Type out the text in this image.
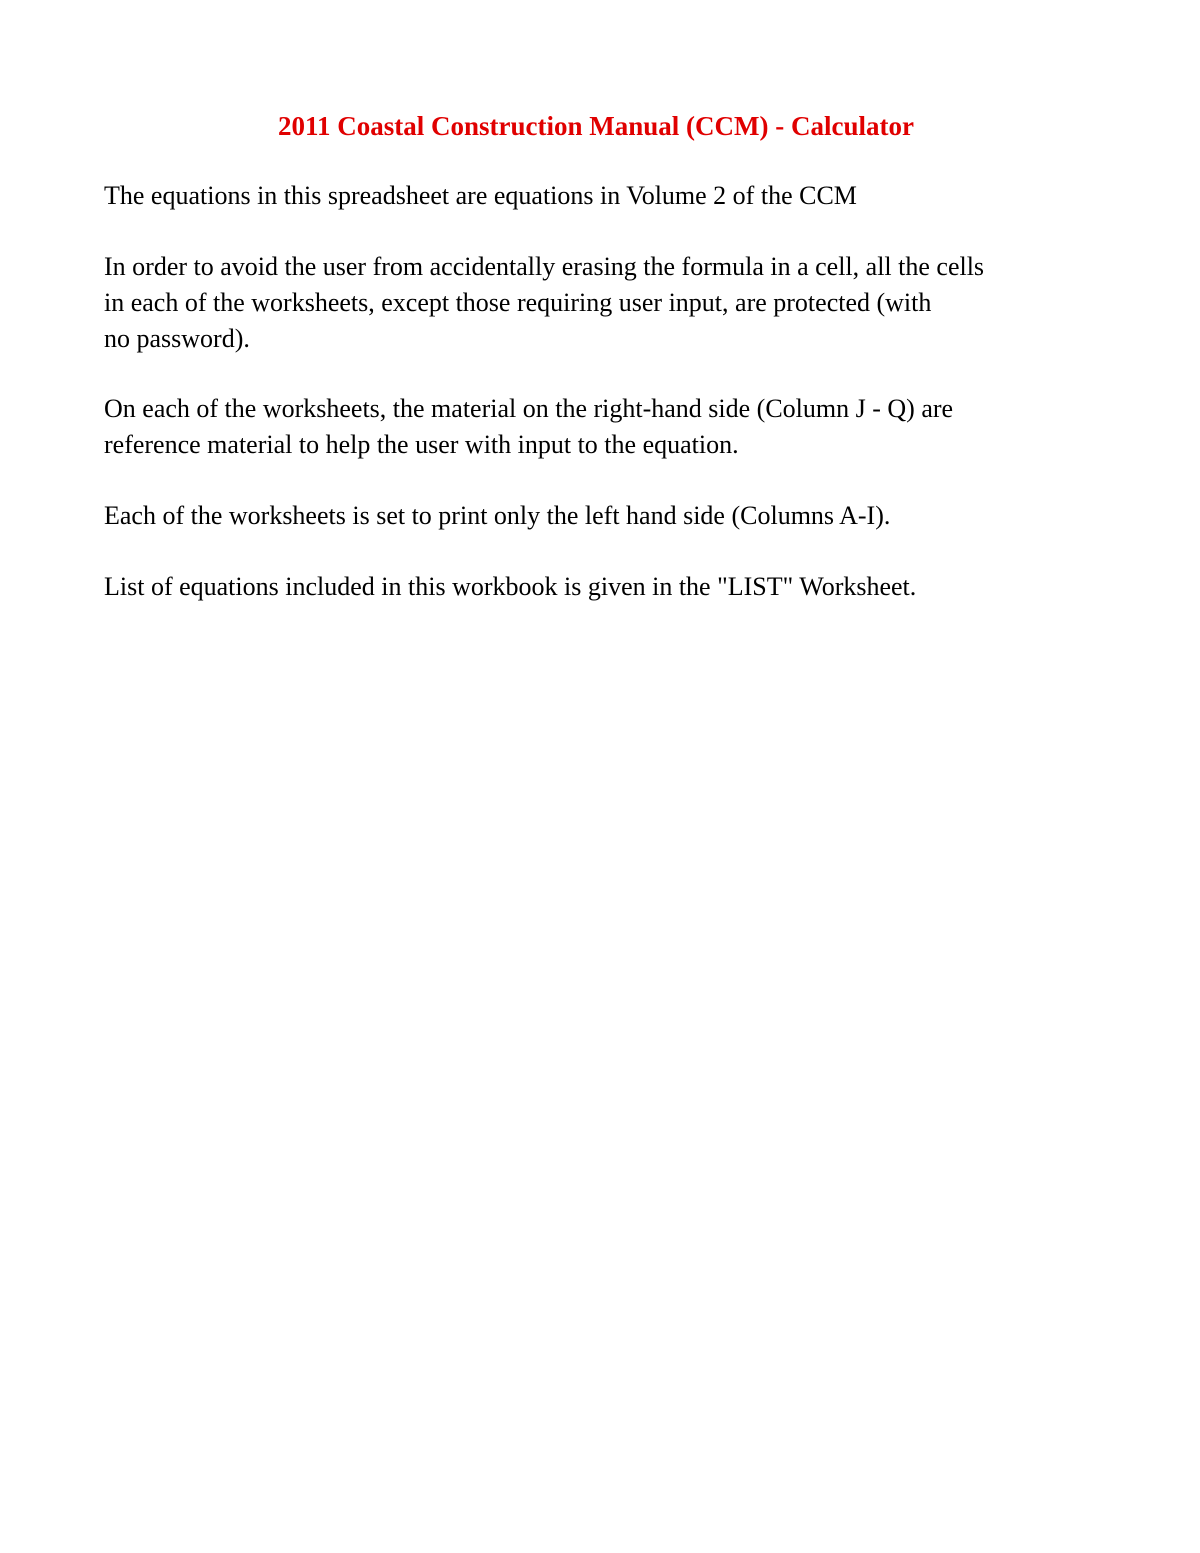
2011 Coastal Construction Manual (CCM) - Calculator
The equations in this spreadsheet are equations in Volume 2 of the CCM
In order to avoid the user from accidentally erasing the formula in a cell, all the cells
in each of the worksheets, except those requiring user input, are protected (with
no password).
On each of the worksheets, the material on the right-hand side (Column J - Q) are
reference material to help the user with input to the equation.
Each of the worksheets is set to print only the left hand side (Columns A-I).
List of equations included in this workbook is given in the "LIST" Worksheet.
